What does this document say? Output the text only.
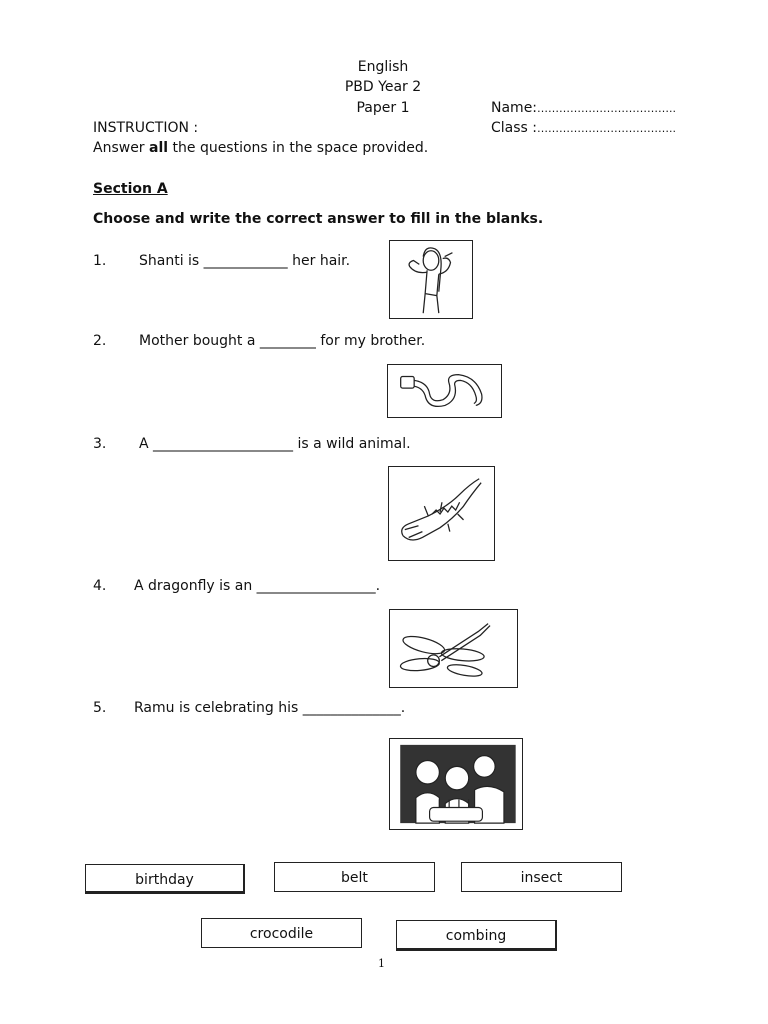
English
PBD Year 2
Paper 1	Name:………………………………..
Class :………………………………..
INSTRUCTION :
Answer all the questions in the space provided.
Section A
Choose and write the correct answer to fill in the blanks.
1. Shanti is ____________ her hair.
2. Mother bought a ________ for my brother.
3. A ____________________ is a wild animal.
4. A dragonfly is an _________________.
5. Ramu is celebrating his ______________.
birthday	belt	insect
crocodile	combing
1
